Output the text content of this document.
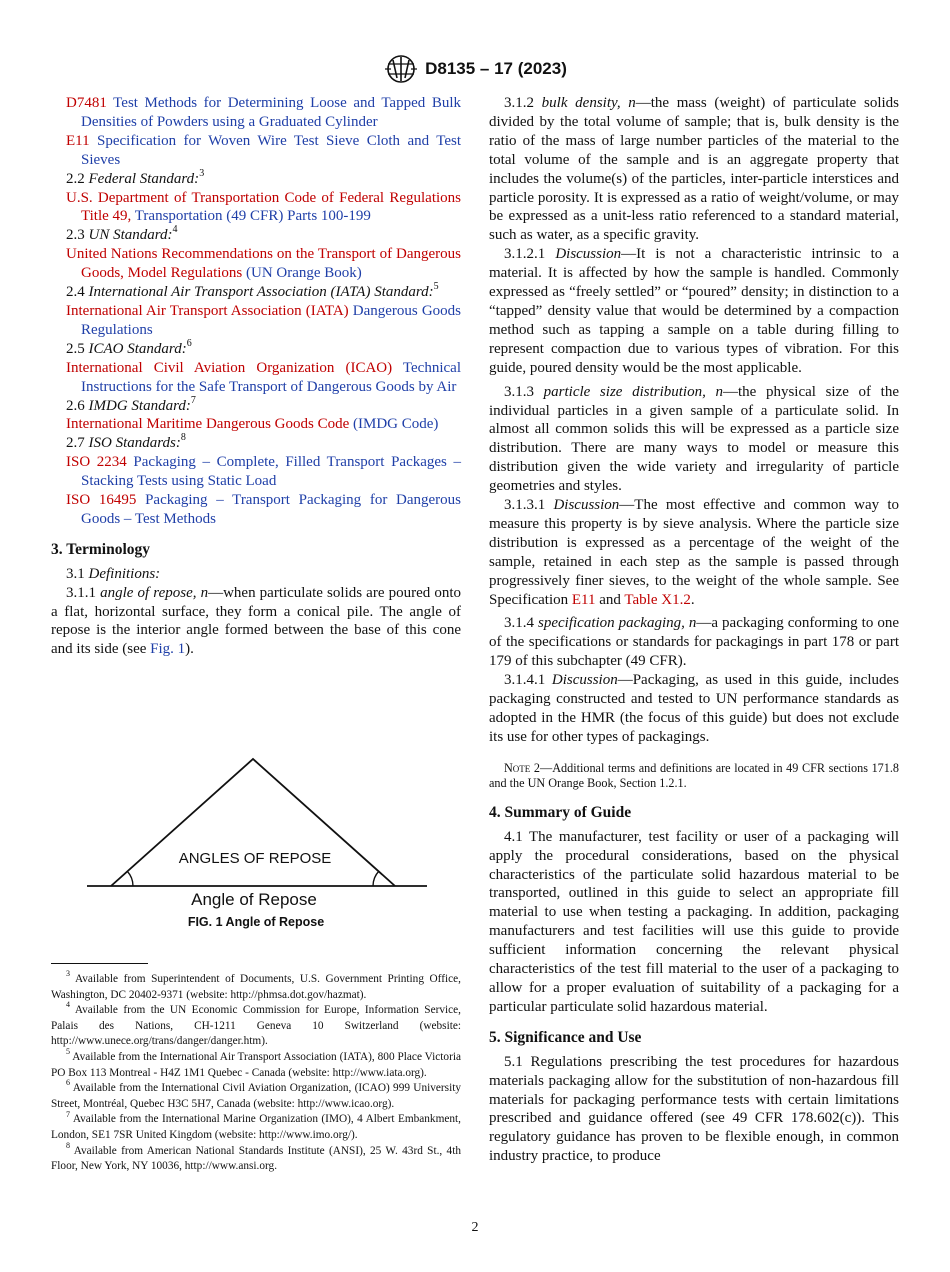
D8135 – 17 (2023)

D7481 Test Methods for Determining Loose and Tapped Bulk Densities of Powders using a Graduated Cylinder

E11 Specification for Woven Wire Test Sieve Cloth and Test Sieves

2.2 Federal Standard:$^3$

U.S. Department of Transportation Code of Federal Regulations Title 49, Transportation (49 CFR) Parts 100-199

2.3 UN Standard:$^4$

United Nations Recommendations on the Transport of Dangerous Goods, Model Regulations (UN Orange Book)

2.4 International Air Transport Association (IATA) Standard:$^5$

International Air Transport Association (IATA) Dangerous Goods Regulations

2.5 ICAO Standard:$^6$

International Civil Aviation Organization (ICAO) Technical Instructions for the Safe Transport of Dangerous Goods by Air

2.6 IMDG Standard:$^7$

International Maritime Dangerous Goods Code (IMDG Code)

2.7 ISO Standards:$^8$

ISO 2234 Packaging – Complete, Filled Transport Packages – Stacking Tests using Static Load

ISO 16495 Packaging – Transport Packaging for Dangerous Goods – Test Methods

3. Terminology

3.1 Definitions:

3.1.1 angle of repose, n—when particulate solids are poured onto a flat, horizontal surface, they form a conical pile. The angle of repose is the interior angle formed between the base of this cone and its side (see Fig. 1).

ANGLES OF REPOSE
Angle of Repose
FIG. 1 Angle of Repose

$^3$ Available from Superintendent of Documents, U.S. Government Printing Office, Washington, DC 20402-9371 (website: http://phmsa.dot.gov/hazmat).

$^4$ Available from the UN Economic Commission for Europe, Information Service, Palais des Nations, CH-1211 Geneva 10 Switzerland (website: http://www.unece.org/trans/danger/danger.htm).

$^5$ Available from the International Air Transport Association (IATA), 800 Place Victoria PO Box 113 Montreal - H4Z 1M1 Quebec - Canada (website: http://www.iata.org).

$^6$ Available from the International Civil Aviation Organization, (ICAO) 999 University Street, Montréal, Quebec H3C 5H7, Canada (website: http://www.icao.org).

$^7$ Available from the International Marine Organization (IMO), 4 Albert Embankment, London, SE1 7SR United Kingdom (website: http://www.imo.org/).

$^8$ Available from American National Standards Institute (ANSI), 25 W. 43rd St., 4th Floor, New York, NY 10036, http://www.ansi.org.

3.1.2 bulk density, n—the mass (weight) of particulate solids divided by the total volume of sample; that is, bulk density is the ratio of the mass of large number particles of the material to the total volume of the sample and is an aggregate property that includes the volume(s) of the particles, inter-particle interstices and particle porosity. It is expressed as a ratio of weight/volume, or may be expressed as a unit-less ratio referenced to a standard material, such as water, as a specific gravity.

3.1.2.1 Discussion—It is not a characteristic intrinsic to a material. It is affected by how the sample is handled. Commonly expressed as “freely settled” or “poured” density; in distinction to a “tapped” density value that would be determined by a compaction method such as tapping a sample on a table during filling to represent compaction due to various types of vibration. For this guide, poured density would be the most applicable.

3.1.3 particle size distribution, n—the physical size of the individual particles in a given sample of a particulate solid. In almost all common solids this will be expressed as a particle size distribution. There are many ways to model or measure this distribution given the wide variety and irregularity of particle geometries and styles.

3.1.3.1 Discussion—The most effective and common way to measure this property is by sieve analysis. Where the particle size distribution is expressed as a percentage of the weight of the sample, retained in each step as the sample is passed through progressively finer sieves, to the weight of the whole sample. See Specification E11 and Table X1.2.

3.1.4 specification packaging, n—a packaging conforming to one of the specifications or standards for packagings in part 178 or part 179 of this subchapter (49 CFR).

3.1.4.1 Discussion—Packaging, as used in this guide, includes packaging constructed and tested to UN performance standards as adopted in the HMR (the focus of this guide) but does not exclude its use for other types of packagings.

Note 2—Additional terms and definitions are located in 49 CFR sections 171.8 and the UN Orange Book, Section 1.2.1.

4. Summary of Guide

4.1 The manufacturer, test facility or user of a packaging will apply the procedural considerations, based on the physical characteristics of the particulate solid hazardous material to be transported, outlined in this guide to select an appropriate fill material to use when testing a packaging. In addition, packaging manufacturers and test facilities will use this guide to provide sufficient information concerning the relevant physical characteristics of the test fill material to the user of a packaging to allow for a proper evaluation of suitability of a packaging for a particular particulate solid hazardous material.

5. Significance and Use

5.1 Regulations prescribing the test procedures for hazardous materials packaging allow for the substitution of non-hazardous fill materials for packaging performance tests with certain limitations prescribed and guidance offered (see 49 CFR 178.602(c)). This regulatory guidance has proven to be flexible enough, in common industry practice, to produce

2
